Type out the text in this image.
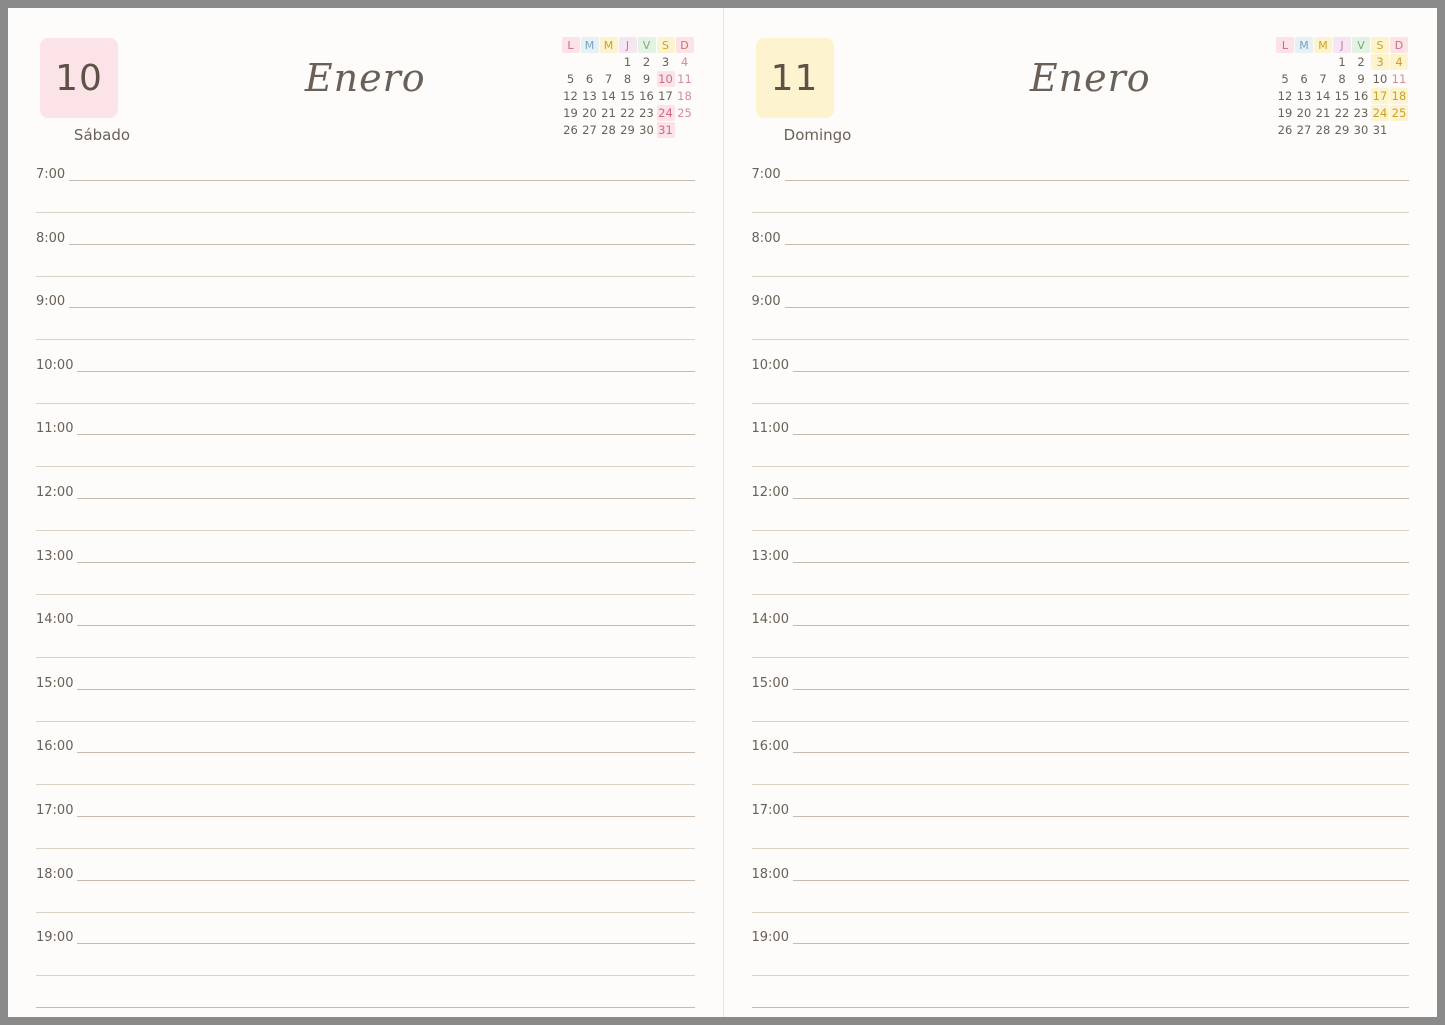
10
Sábado
Enero
L	M	M	J	V	S	D
			1	2	3	4
5	6	7	8	9	10	11
12	13	14	15	16	17	18
19	20	21	22	23	24	25
26	27	28	29	30	31	
7:00
8:00
9:00
10:00
11:00
12:00
13:00
14:00
15:00
16:00
17:00
18:00
19:00
11
Domingo
Enero
L	M	M	J	V	S	D
			1	2	3	4
5	6	7	8	9	10	11
12	13	14	15	16	17	18
19	20	21	22	23	24	25
26	27	28	29	30	31	
7:00
8:00
9:00
10:00
11:00
12:00
13:00
14:00
15:00
16:00
17:00
18:00
19:00
